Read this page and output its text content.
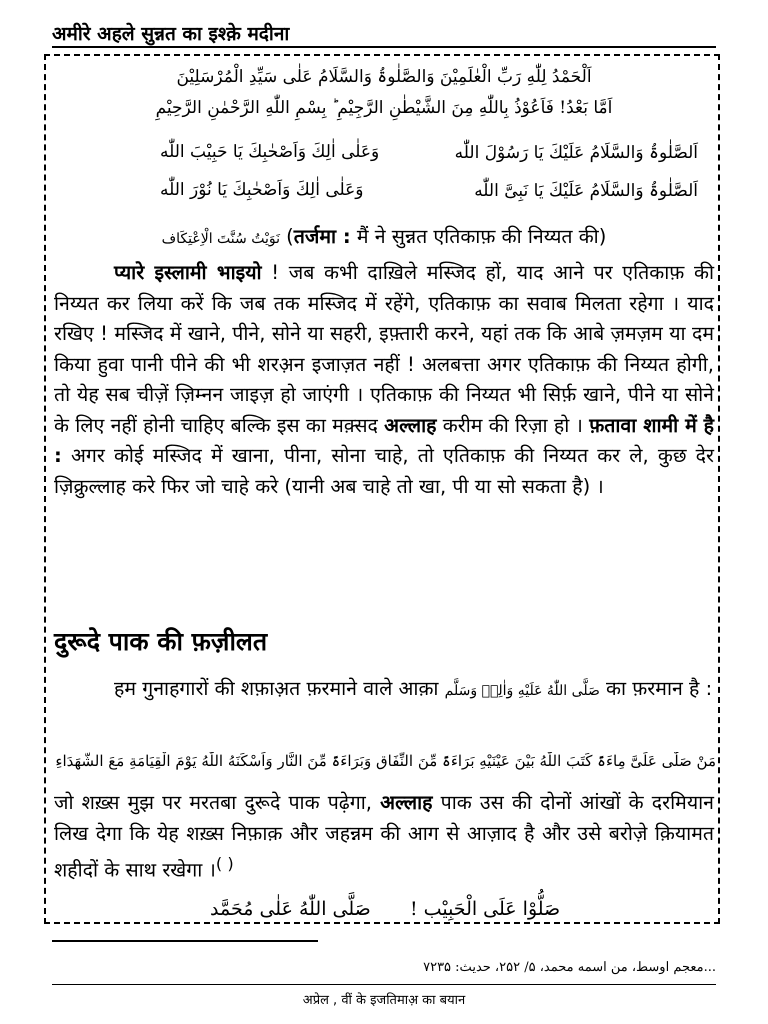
अमीरे अहले सुन्नत का इश्क़े मदीना
اَلْحَمْدُ لِلّٰهِ رَبِّ الْعٰلَمِیْنَ وَالصَّلٰوۃُ وَالسَّلَامُ عَلٰی سَیِّدِ الْمُرْسَلِیْنَ
اَمَّا بَعْدُ! فَاَعُوْذُ بِاللّٰهِ مِنَ الشَّیْطٰنِ الرَّجِیْمِ ؕ بِسْمِ اللّٰهِ الرَّحْمٰنِ الرَّحِیْمِ
اَلصَّلٰوۃُ وَالسَّلَامُ عَلَیْكَ یَا رَسُوْلَ اللّٰه
وَعَلٰی اٰلِكَ وَاَصْحٰبِكَ یَا حَبِیْبَ اللّٰه
اَلصَّلٰوۃُ وَالسَّلَامُ عَلَیْكَ یَا نَبِیَّ اللّٰه
وَعَلٰی اٰلِكَ وَاَصْحٰبِكَ یَا نُوْرَ اللّٰه
نَوَیْتُ سُنَّتَ الْاِعْتِكَاف (तर्जमा : मैं ने सुन्नत एतिकाफ़ की निय्यत की)
प्यारे इस्लामी भाइयो ! जब कभी दाख़िले मस्जिद हों, याद आने पर एतिकाफ़ की निय्यत कर लिया करें कि जब तक मस्जिद में रहेंगे, एतिकाफ़ का सवाब मिलता रहेगा । याद रखिए ! मस्जिद में खाने, पीने, सोने या सहरी, इफ़्तारी करने, यहां तक कि आबे ज़मज़म या दम किया हुवा पानी पीने की भी शरअ़न इजाज़त नहीं ! अलबत्ता अगर एतिकाफ़ की निय्यत होगी, तो येह सब चीज़ें ज़िम्नन जाइज़ हो जाएंगी । एतिकाफ़ की निय्यत भी सिर्फ़ खाने, पीने या सोने के लिए नहीं होनी चाहिए बल्कि इस का मक़्सद अल्लाह करीम की रिज़ा हो । फ़तावा शामी में है : अगर कोई मस्जिद में खाना, पीना, सोना चाहे, तो एतिकाफ़ की निय्यत कर ले, कुछ देर ज़िक्रुल्लाह करे फिर जो चाहे करे (यानी अब चाहे तो खा, पी या सो सकता है) ।
दुरूदे पाक की फ़ज़ीलत
हम गुनाहगारों की शफ़ाअ़त फ़रमाने वाले आक़ा صَلَّی اللّٰهُ عَلَیْهِ وَاٰلِهٖ وَسَلَّم का फ़रमान है :
مَنْ صَلّٰی عَلَیَّ مِاءَۃً کَتَبَ اللّٰهُ بَیْنَ عَیْنَیْهِ بَرَاءَۃً مِّنَ النِّفَاقِ وَبَرَاءَۃً مِّنَ النَّارِ وَاَسْکَنَهُ اللّٰهُ یَوْمَ الْقِیَامَةِ مَعَ الشُّهَدَاءِ
जो शख़्स मुझ पर मरतबा दुरूदे पाक पढ़ेगा, अल्लाह पाक उस की दोनों आंखों के दरमियान लिख देगा कि येह शख़्स निफ़ाक़ और जहन्नम की आग से आज़ाद है और उसे बरोज़े क़ियामत शहीदों के साथ रखेगा ।( )
صَلُّوْا عَلَی الْحَبِیْب !
صَلَّی اللّٰهُ عَلٰی مُحَمَّد
...معجم اوسط، من اسمه محمد، ۵/ ۲۵۲، حدیث: ۷۲۳۵
अप्रेल , वीं के इजतिमाअ़ का बयान
